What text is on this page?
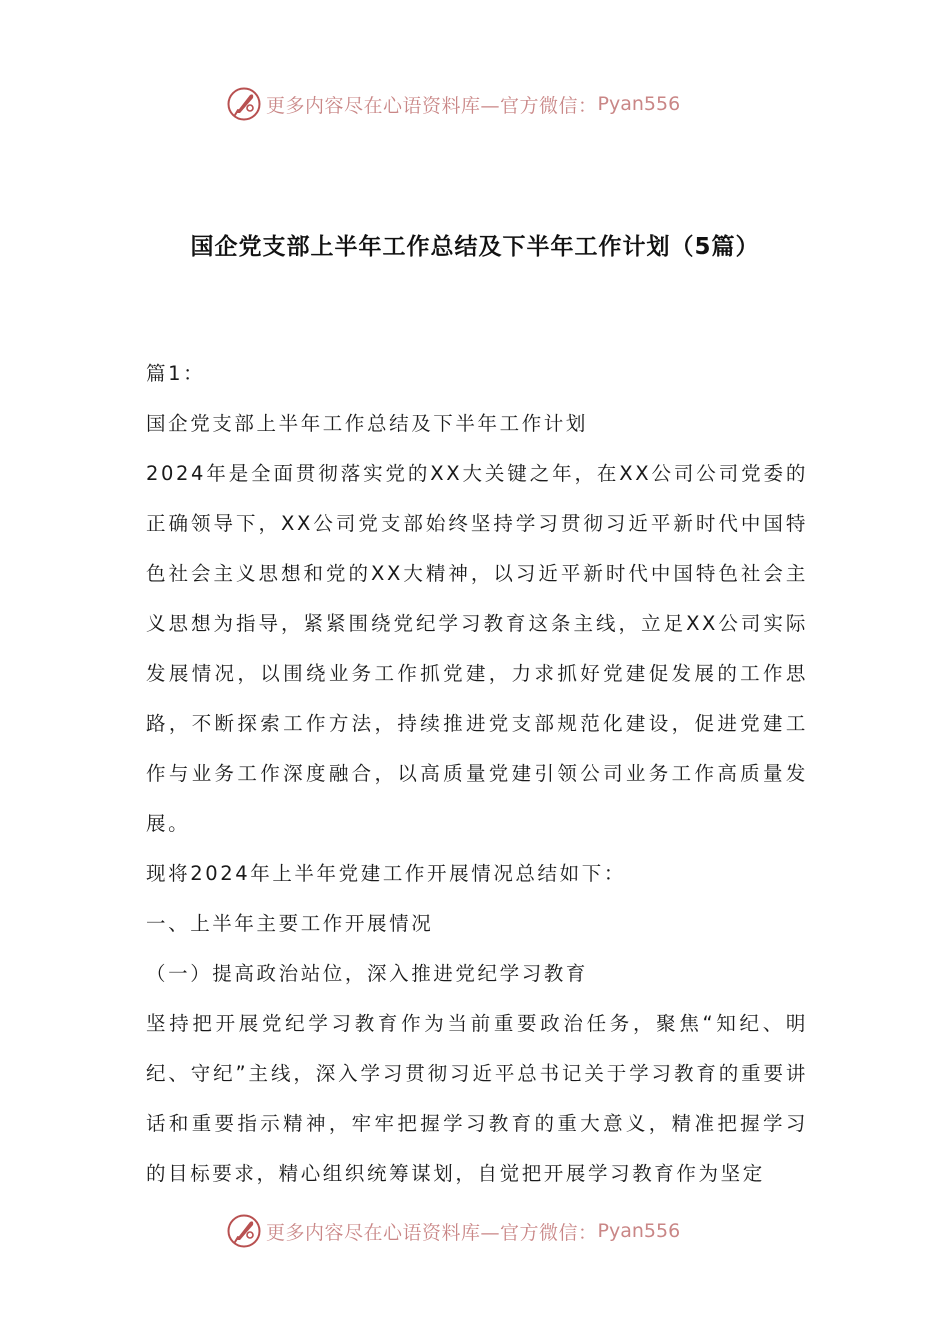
更多内容尽在心语资料库—官方微信： Pyan556
国企党支部上半年工作总结及下半年工作计划（5篇）

篇1：

国企党支部上半年工作总结及下半年工作计划

2024年是全面贯彻落实党的XX大关键之年，在XX公司公司党委的正确领导下，XX公司党支部始终坚持学习贯彻习近平新时代中国特色社会主义思想和党的XX大精神，以习近平新时代中国特色社会主义思想为指导，紧紧围绕党纪学习教育这条主线，立足XX公司实际发展情况，以围绕业务工作抓党建，力求抓好党建促发展的工作思路，不断探索工作方法，持续推进党支部规范化建设，促进党建工作与业务工作深度融合，以高质量党建引领公司业务工作高质量发展。

现将2024年上半年党建工作开展情况总结如下：

一、上半年主要工作开展情况

（一）提高政治站位，深入推进党纪学习教育

坚持把开展党纪学习教育作为当前重要政治任务，聚焦“知纪、明纪、守纪”主线，深入学习贯彻习近平总书记关于学习教育的重要讲话和重要指示精神，牢牢把握学习教育的重大意义，精准把握学习的目标要求，精心组织统筹谋划，自觉把开展学习教育作为坚定

更多内容尽在心语资料库—官方微信： Pyan556
